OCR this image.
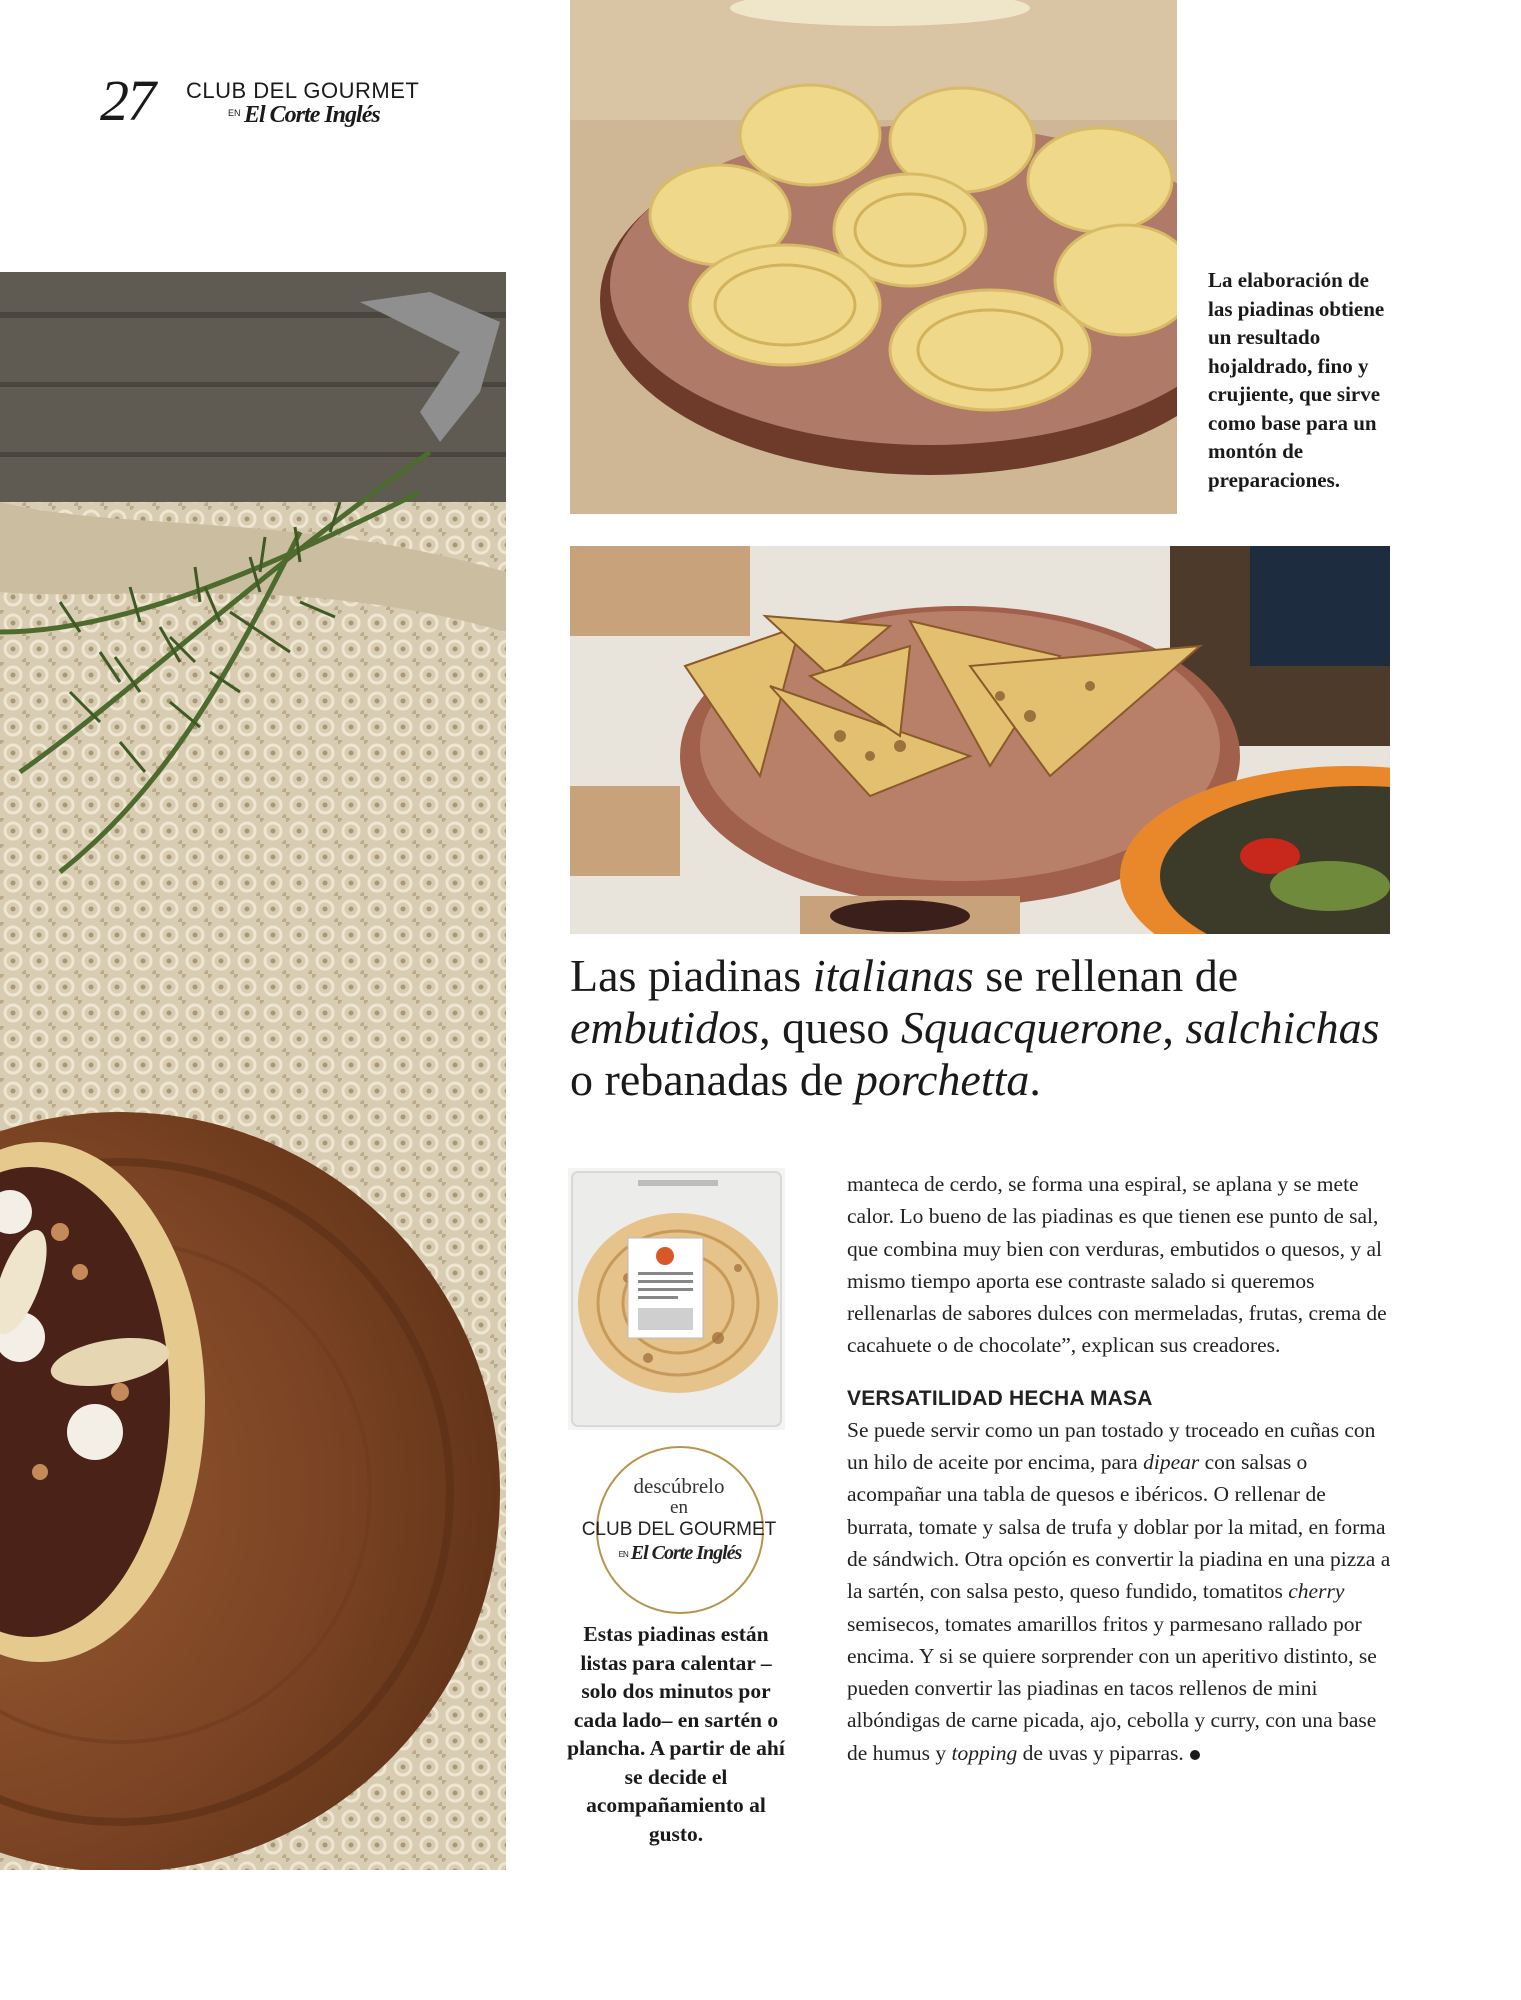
27 CLUB DEL GOURMET
EN El Corte Inglés
La elaboración de las piadinas obtiene un resultado hojaldrado, fino y crujiente, que sirve como base para un montón de preparaciones.
Las piadinas italianas se rellenan de embutidos, queso Squacquerone, salchichas o rebanadas de porchetta.
descúbrelo
en
CLUB DEL GOURMET
EN El Corte Inglés
Estas piadinas están listas para calentar –solo dos minutos por cada lado– en sartén o plancha. A partir de ahí se decide el acompañamiento al gusto.

manteca de cerdo, se forma una espiral, se aplana y se mete calor. Lo bueno de las piadinas es que tienen ese punto de sal, que combina muy bien con verduras, embutidos o quesos, y al mismo tiempo aporta ese contraste salado si queremos rellenarlas de sabores dulces con mermeladas, frutas, crema de cacahuete o de chocolate”, explican sus creadores.

VERSATILIDAD HECHA MASA

Se puede servir como un pan tostado y troceado en cuñas con un hilo de aceite por encima, para dipear con salsas o acompañar una tabla de quesos e ibéricos. O rellenar de burrata, tomate y salsa de trufa y doblar por la mitad, en forma de sándwich. Otra opción es convertir la piadina en una pizza a la sartén, con salsa pesto, queso fundido, tomatitos cherry semisecos, tomates amarillos fritos y parmesano rallado por encima. Y si se quiere sorprender con un aperitivo distinto, se pueden convertir las piadinas en tacos rellenos de mini albóndigas de carne picada, ajo, cebolla y curry, con una base de humus y topping de uvas y piparras.
